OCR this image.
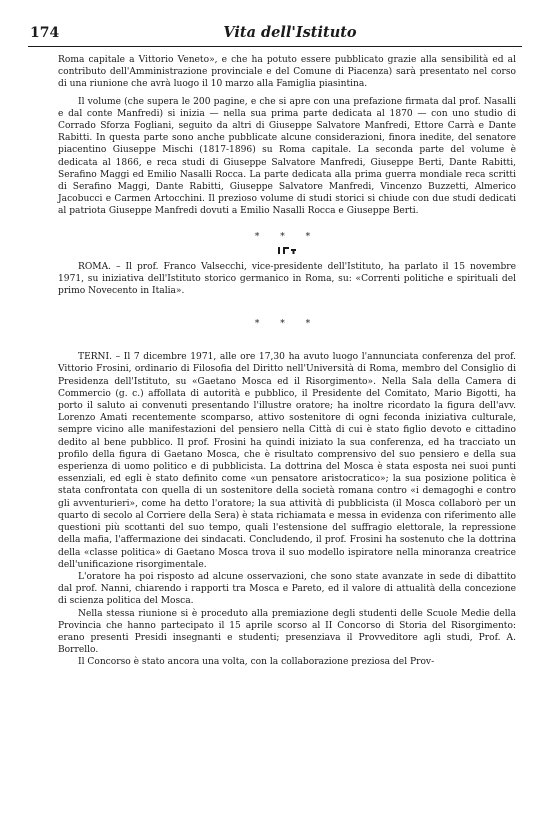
174	Vita dell'Istituto

Roma capitale a Vittorio Veneto», e che ha potuto essere pubblicato grazie alla sensibilità ed al contributo dell'Amministrazione provinciale e del Comune di Piacenza) sarà presentato nel corso di una riunione che avrà luogo il 10 marzo alla Famiglia piasintina.

Il volume (che supera le 200 pagine, e che si apre con una prefazione firmata dal prof. Nasalli e dal conte Manfredi) si inizia — nella sua prima parte dedicata al 1870 — con uno studio di Corrado Sforza Fogliani, seguito da altri di Giuseppe Salvatore Manfredi, Ettore Carrà e Dante Rabitti. In questa parte sono anche pubblicate alcune considerazioni, finora inedite, del senatore piacentino Giuseppe Mischi (1817-1896) su Roma capitale. La seconda parte del volume è dedicata al 1866, e reca studi di Giuseppe Salvatore Manfredi, Giuseppe Berti, Dante Rabitti, Serafino Maggi ed Emilio Nasalli Rocca. La parte dedicata alla prima guerra mondiale reca scritti di Serafino Maggi, Dante Rabitti, Giuseppe Salvatore Manfredi, Vincenzo Buzzetti, Almerico Jacobucci e Carmen Artocchini. Il prezioso volume di studi storici si chiude con due studi dedicati al patriota Giuseppe Manfredi dovuti a Emilio Nasalli Rocca e Giuseppe Berti.

* * *

ROMA. – Il prof. Franco Valsecchi, vice-presidente dell'Istituto, ha parlato il 15 novembre 1971, su iniziativa dell'Istituto storico germanico in Roma, su: «Correnti politiche e spirituali del primo Novecento in Italia».

* * *

TERNI. – Il 7 dicembre 1971, alle ore 17,30 ha avuto luogo l'annunciata conferenza del prof. Vittorio Frosini, ordinario di Filosofia del Diritto nell'Università di Roma, membro del Consiglio di Presidenza dell'Istituto, su «Gaetano Mosca ed il Risorgimento». Nella Sala della Camera di Commercio (g. c.) affollata di autorità e pubblico, il Presidente del Comitato, Mario Bigotti, ha porto il saluto ai convenuti presentando l'illustre oratore; ha inoltre ricordato la figura dell'avv. Lorenzo Amati recentemente scomparso, attivo sostenitore di ogni feconda iniziativa culturale, sempre vicino alle manifestazioni del pensiero nella Città di cui è stato figlio devoto e cittadino dedito al bene pubblico. Il prof. Frosini ha quindi iniziato la sua conferenza, ed ha tracciato un profilo della figura di Gaetano Mosca, che è risultato comprensivo del suo pensiero e della sua esperienza di uomo politico e di pubblicista. La dottrina del Mosca è stata esposta nei suoi punti essenziali, ed egli è stato definito come «un pensatore aristocratico»; la sua posizione politica è stata confrontata con quella di un sostenitore della società romana contro «i demagoghi e contro gli avventurieri», come ha detto l'oratore; la sua attività di pubblicista (il Mosca collaborò per un quarto di secolo al Corriere della Sera) è stata richiamata e messa in evidenza con riferimento alle questioni più scottanti del suo tempo, quali l'estensione del suffragio elettorale, la repressione della mafia, l'affermazione dei sindacati. Concludendo, il prof. Frosini ha sostenuto che la dottrina della «classe politica» di Gaetano Mosca trova il suo modello ispiratore nella minoranza creatrice dell'unificazione risorgimentale.

L'oratore ha poi risposto ad alcune osservazioni, che sono state avanzate in sede di dibattito dal prof. Nanni, chiarendo i rapporti tra Mosca e Pareto, ed il valore di attualità della concezione di scienza politica del Mosca.

Nella stessa riunione si è proceduto alla premiazione degli studenti delle Scuole Medie della Provincia che hanno partecipato il 15 aprile scorso al II Concorso di Storia del Risorgimento: erano presenti Presidi insegnanti e studenti; presenziava il Provveditore agli studi, Prof. A. Borrello.

Il Concorso è stato ancora una volta, con la collaborazione preziosa del Prov-
